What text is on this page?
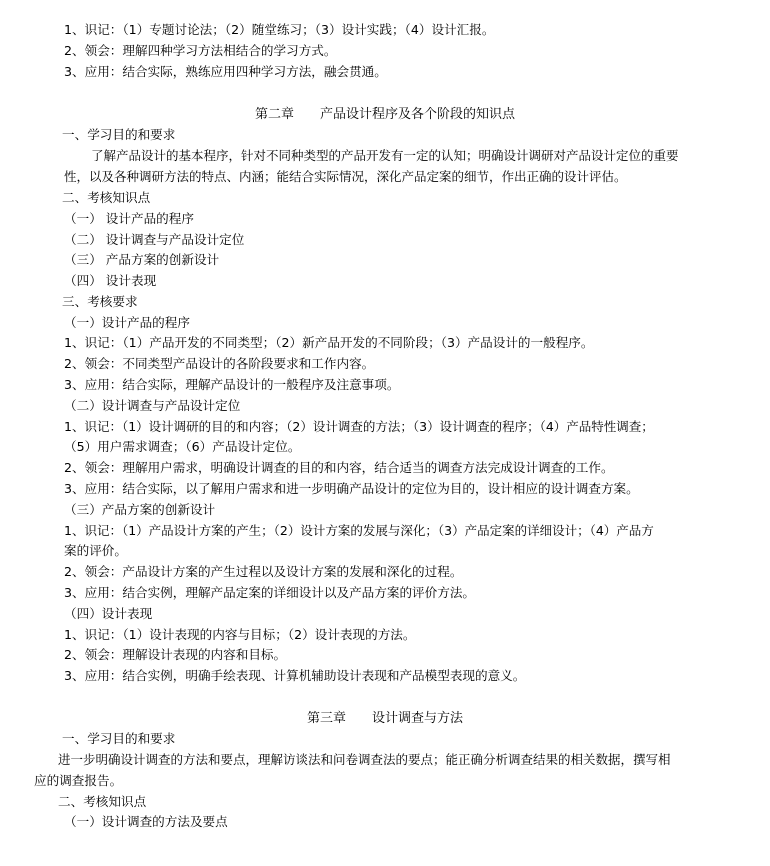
1、识记：（1）专题讨论法；（2）随堂练习；（3）设计实践；（4）设计汇报。
2、领会：理解四种学习方法相结合的学习方式。
3、应用：结合实际，熟练应用四种学习方法，融会贯通。
第二章　　产品设计程序及各个阶段的知识点
一、学习目的和要求
了解产品设计的基本程序，针对不同种类型的产品开发有一定的认知；明确设计调研对产品设计定位的重要
性，以及各种调研方法的特点、内涵；能结合实际情况，深化产品定案的细节，作出正确的设计评估。
二、考核知识点
（一） 设计产品的程序
（二） 设计调查与产品设计定位
（三） 产品方案的创新设计
（四） 设计表现
三、考核要求
（一）设计产品的程序
1、识记：（1）产品开发的不同类型；（2）新产品开发的不同阶段；（3）产品设计的一般程序。
2、领会：不同类型产品设计的各阶段要求和工作内容。
3、应用：结合实际，理解产品设计的一般程序及注意事项。
（二）设计调查与产品设计定位
1、识记：（1）设计调研的目的和内容；（2）设计调查的方法；（3）设计调查的程序；（4）产品特性调查；
（5）用户需求调查；（6）产品设计定位。
2、领会：理解用户需求，明确设计调查的目的和内容，结合适当的调查方法完成设计调查的工作。
3、应用：结合实际，以了解用户需求和进一步明确产品设计的定位为目的，设计相应的设计调查方案。
（三）产品方案的创新设计
1、识记：（1）产品设计方案的产生；（2）设计方案的发展与深化；（3）产品定案的详细设计；（4）产品方
案的评价。
2、领会：产品设计方案的产生过程以及设计方案的发展和深化的过程。
3、应用：结合实例，理解产品定案的详细设计以及产品方案的评价方法。
（四）设计表现
1、识记：（1）设计表现的内容与目标；（2）设计表现的方法。
2、领会：理解设计表现的内容和目标。
3、应用：结合实例，明确手绘表现、计算机辅助设计表现和产品模型表现的意义。
第三章　　设计调查与方法
一、学习目的和要求
进一步明确设计调查的方法和要点，理解访谈法和问卷调查法的要点；能正确分析调查结果的相关数据，撰写相
应的调查报告。
二、考核知识点
（一）设计调查的方法及要点
